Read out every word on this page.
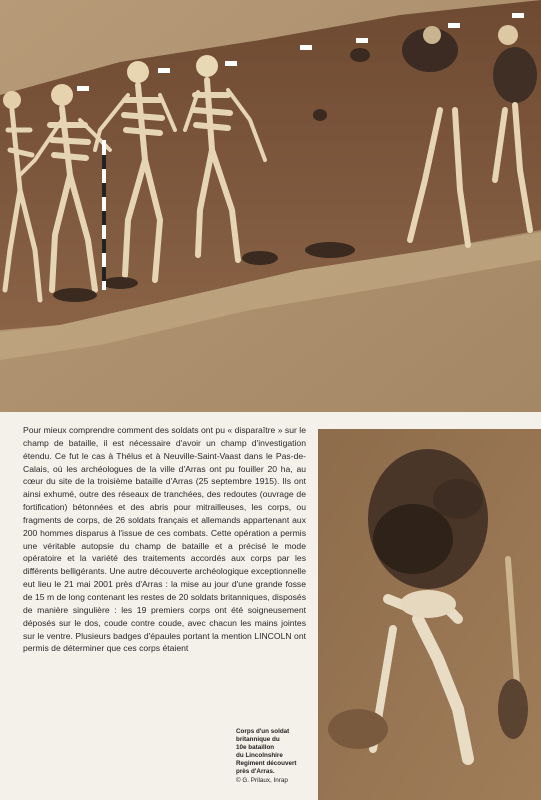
Pour mieux comprendre comment des soldats ont pu « disparaître » sur le champ de bataille, il est nécessaire d'avoir un champ d'investigation étendu. Ce fut le cas à Thélus et à Neuville-Saint-Vaast dans le Pas-de-Calais, où les archéologues de la ville d'Arras ont pu fouiller 20 ha, au cœur du site de la troisième bataille d'Arras (25 septembre 1915). Ils ont ainsi exhumé, outre des réseaux de tranchées, des redoutes (ouvrage de fortification) bétonnées et des abris pour mitrailleuses, les corps, ou fragments de corps, de 26 soldats français et allemands appartenant aux 200 hommes disparus à l'issue de ces combats. Cette opération a permis une véritable autopsie du champ de bataille et a précisé le mode opératoire et la variété des traitements accordés aux corps par les différents belligérants. Une autre découverte archéologique exceptionnelle eut lieu le 21 mai 2001 près d'Arras : la mise au jour d'une grande fosse de 15 m de long contenant les restes de 20 soldats britanniques, disposés de manière singulière : les 19 premiers corps ont été soigneusement déposés sur le dos, coude contre coude, avec chacun les mains jointes sur le ventre. Plusieurs badges d'épaules portant la mention LINCOLN ont permis de déterminer que ces corps étaient

Corps d'un soldat
britannique du
10e bataillon
du Lincolnshire
Regiment découvert
près d'Arras.
© G. Prilaux, Inrap
